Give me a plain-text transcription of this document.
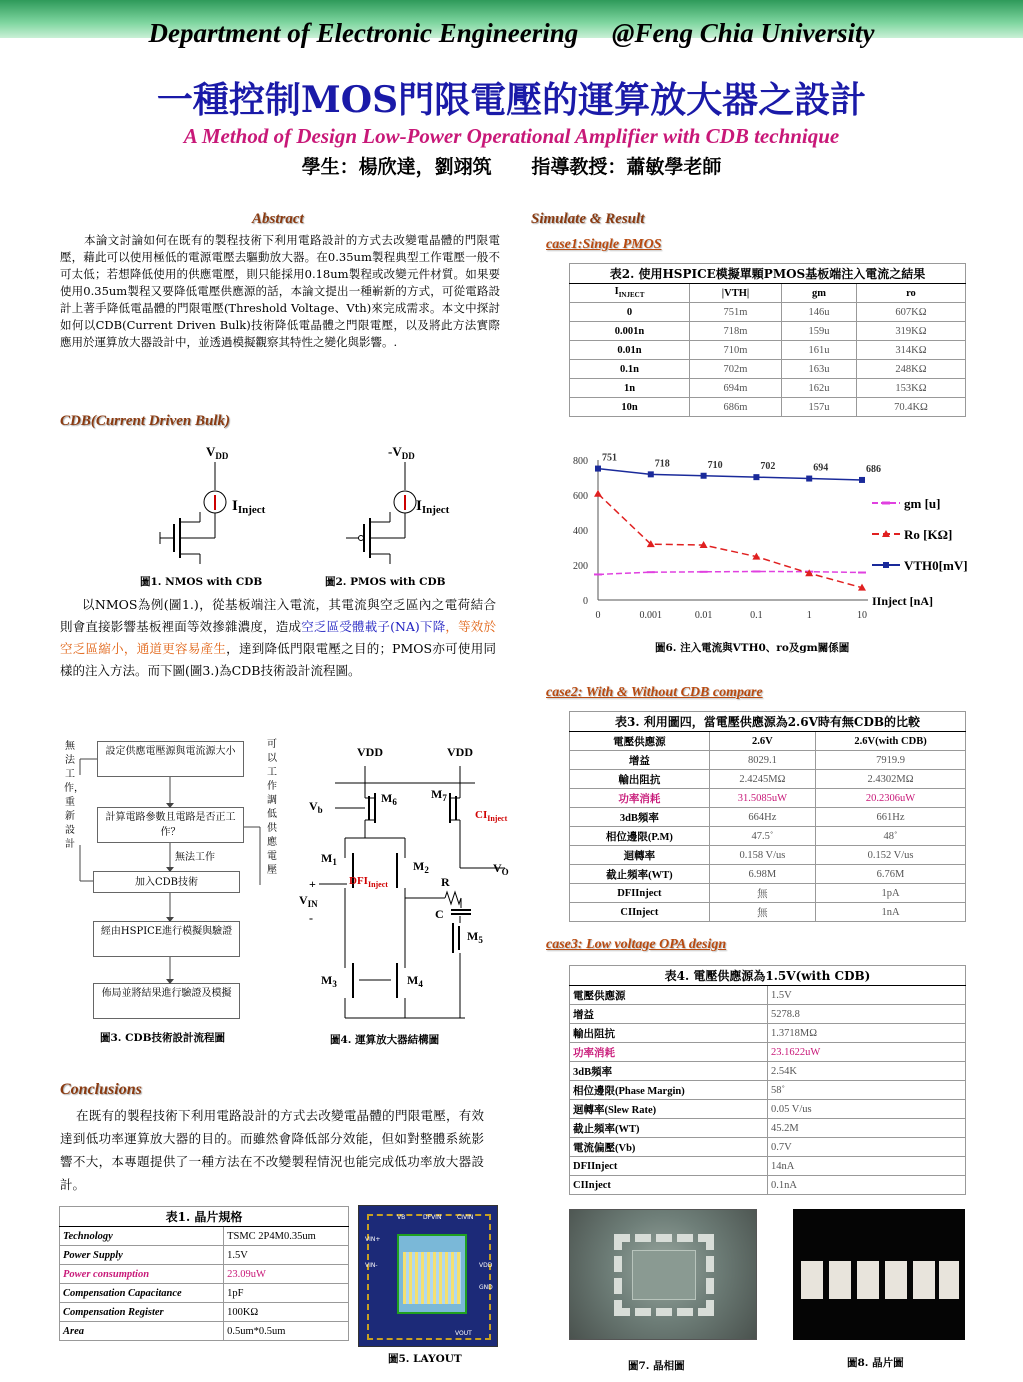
Department of Electronic Engineering     @Feng Chia University
一種控制MOS門限電壓的運算放大器之設計
A Method of Design Low-Power Operational Amplifier with CDB technique
學生：楊欣達，劉翊筑      指導教授：蕭敏學老師
Abstract
本論文討論如何在既有的製程技術下利用電路設計的方式去改變電晶體的門限電壓，藉此可以使用極低的電源電壓去驅動放大器。在0.35um製程典型工作電壓一般不可太低；若想降低使用的供應電壓，則只能採用0.18um製程或改變元件材質。如果要使用0.35um製程又要降低電壓供應源的話，本論文提出一種嶄新的方式，可從電路設計上著手降低電晶體的門限電壓(Threshold Voltage、Vth)來完成需求。本文中探討如何以CDB(Current Driven Bulk)技術降低電晶體之門限電壓，以及將此方法實際應用於運算放大器設計中，並透過模擬觀察其特性之變化與影響。.
CDB(Current Driven Bulk)
$V_{DD}$
$I_{Inject}$
圖1. NMOS with CDB
$-V_{DD}$
$I_{Inject}$
圖2. PMOS with CDB
以NMOS為例(圖1.)，從基板端注入電流，其電流與空乏區內之電荷結合則會直接影響基板裡面等效摻雜濃度，造成空乏區受體載子(NA)下降，等效於空乏區縮小，通道更容易產生，達到降低門限電壓之目的；PMOS亦可使用同樣的注入方法。而下圖(圖3.)為CDB技術設計流程圖。
無法工作，重新設計
可以工作調低供應電壓
設定供應電壓源與電流源大小
計算電路參數且電路是否正工作？
無法工作
加入CDB技術
經由HSPICE進行模擬與驗證
佈局並將結果進行驗證及模擬
圖3. CDB技術設計流程圖
VDD	VDD
$M_6$
$V_b$
$M_7$
$CI_{Inject}$
$M_1$	$M_2$
$DFI_{Inject}$
+
$V_{IN}$
-
R
C
$V_O$
$M_5$
$M_3$	$M_4$
圖4. 運算放大器結構圖
Conclusions
在既有的製程技術下利用電路設計的方式去改變電晶體的門限電壓，有效達到低功率運算放大器的目的。而雖然會降低部分效能，但如對整體系統影響不大，本專題提供了一種方法在不改變製程情況也能完成低功率放大器設計。
表1. 晶片規格	
Technology	TSMC 2P4M0.35um
Power Supply	1.5V
Power consumption	23.09uW
Compensation Capacitance	1pF
Compensation Register	100KΩ
Area	0.5um*0.5um
VB	DFVIN	CIVIN
VIN+
VIN-	VDD
GND
VOUT
圖5. LAYOUT
Simulate & Result
case1:Single PMOS
表2. 使用HSPICE模擬單顆PMOS基板端注入電流之結果			
$I_{INJECT}$	|VTH|	gm	ro
0	751m	146u	607KΩ
0.001n	718m	159u	319KΩ
0.01n	710m	161u	314KΩ
0.1n	702m	163u	248KΩ
1n	694m	162u	153KΩ
10n	686m	157u	70.4KΩ
0
200
400
600
800
0	0.001	0.01	0.1	1	10
gm [u]
Ro [KΩ]
VTH0[mV]
751
718	710	702	694	686
IInject [nA]
圖6. 注入電流與VTH0、ro及gm關係圖
case2: With & Without CDB compare
表3. 利用圖四，當電壓供應源為2.6V時有無CDB的比較		
電壓供應源	2.6V	2.6V(with CDB)
增益	8029.1	7919.9
輸出阻抗	2.4245MΩ	2.4302MΩ
功率消耗	31.5085uW	20.2306uW
3dB頻率	664Hz	661Hz
相位邊限(P.M)	47.5˚	48˚
迴轉率	0.158 V/us	0.152 V/us
截止頻率(WT)	6.98M	6.76M
DFIInject	無	1pA
CIInject	無	1nA
case3: Low voltage OPA design
表4. 電壓供應源為1.5V(with CDB)	
電壓供應源	1.5V
增益	5278.8
輸出阻抗	1.3718MΩ
功率消耗	23.1622uW
3dB頻率	2.54K
相位邊限(Phase Margin)	58˚
迴轉率(Slew Rate)	0.05 V/us
截止頻率(WT)	45.2M
電流偏壓(Vb)	0.7V
DFIInject	14nA
CIInject	0.1nA
圖7. 晶相圖	圖8. 晶片圖
